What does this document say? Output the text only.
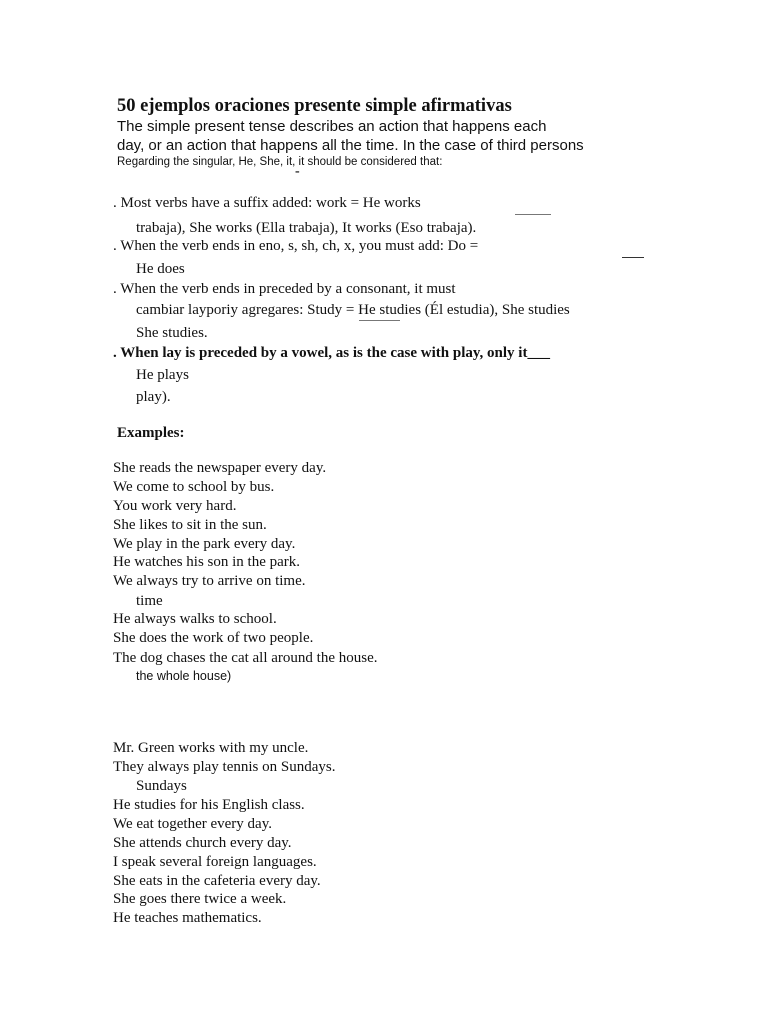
50 ejemplos oraciones presente simple afirmativas
The simple present tense describes an action that happens each
day, or an action that happens all the time. In the case of third persons
Regarding the singular, He, She, it, it should be considered that:
-
. Most verbs have a suffix added: work = He works
trabaja), She works (Ella trabaja), It works (Eso trabaja).
. When the verb ends in eno, s, sh, ch, x, you must add: Do =
He does
. When the verb ends in preceded by a consonant, it must
cambiar layporiy agregares: Study = He studies (Él estudia), She studies
She studies.
. When lay is preceded by a vowel, as is the case with play, only it___
He plays
play).
Examples:
She reads the newspaper every day.
We come to school by bus.
You work very hard.
She likes to sit in the sun.
We play in the park every day.
He watches his son in the park.
We always try to arrive on time.
time
He always walks to school.
She does the work of two people.
The dog chases the cat all around the house.
the whole house)
Mr. Green works with my uncle.
They always play tennis on Sundays.
Sundays
He studies for his English class.
We eat together every day.
She attends church every day.
I speak several foreign languages.
She eats in the cafeteria every day.
She goes there twice a week.
He teaches mathematics.
